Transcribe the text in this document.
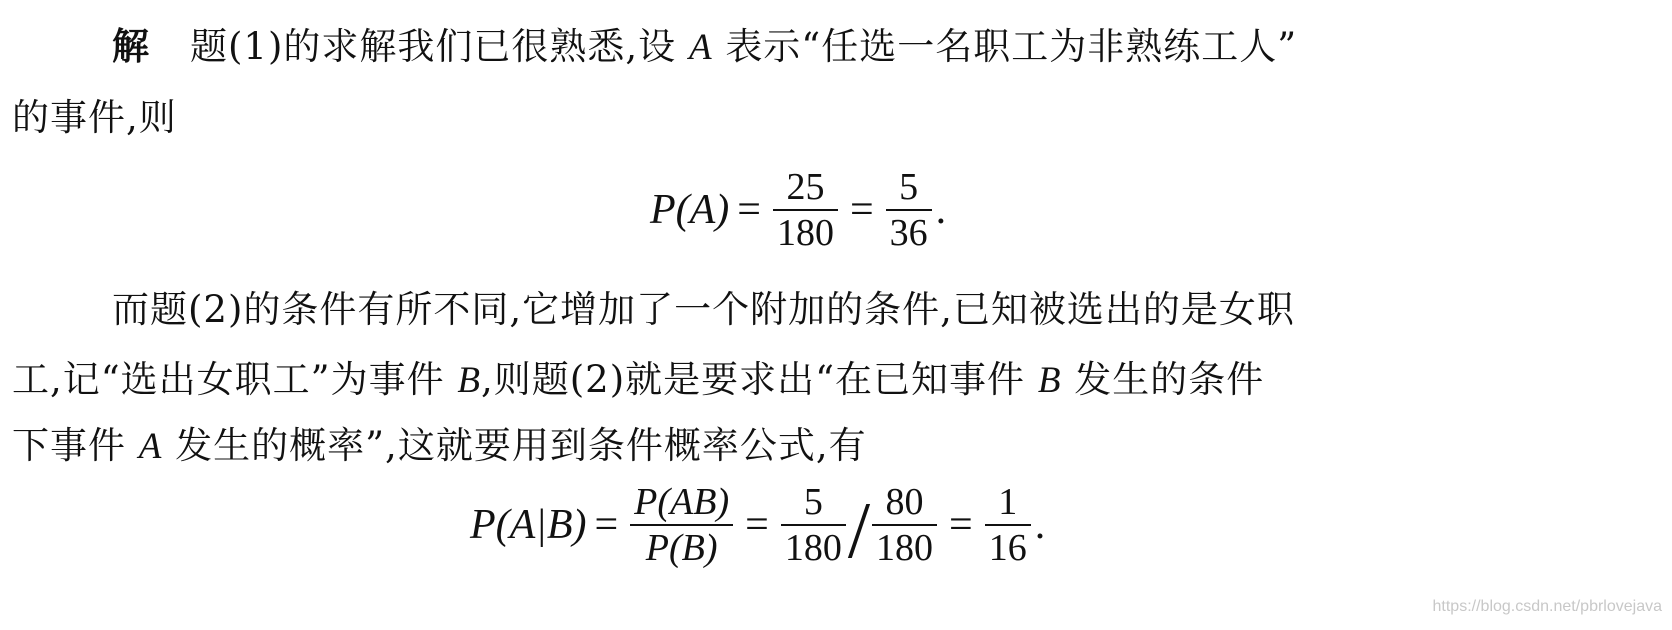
解 题(1)的求解我们已很熟悉,设 A 表示“任选一名职工为非熟练工人”
的事件,则
$P(A) = \frac{25}{180} = \frac{5}{36}$ .
而题(2)的条件有所不同,它增加了一个附加的条件,已知被选出的是女职
工,记“选出女职工”为事件 B,则题(2)就是要求出“在已知事件 B 发生的条件
下事件 A 发生的概率”,这就要用到条件概率公式,有
$P(A|B) = \frac{P(AB)}{P(B)} = \frac{5}{180} / \frac{80}{180} = \frac{1}{16}$ .
https://blog.csdn.net/pbrlovejava
